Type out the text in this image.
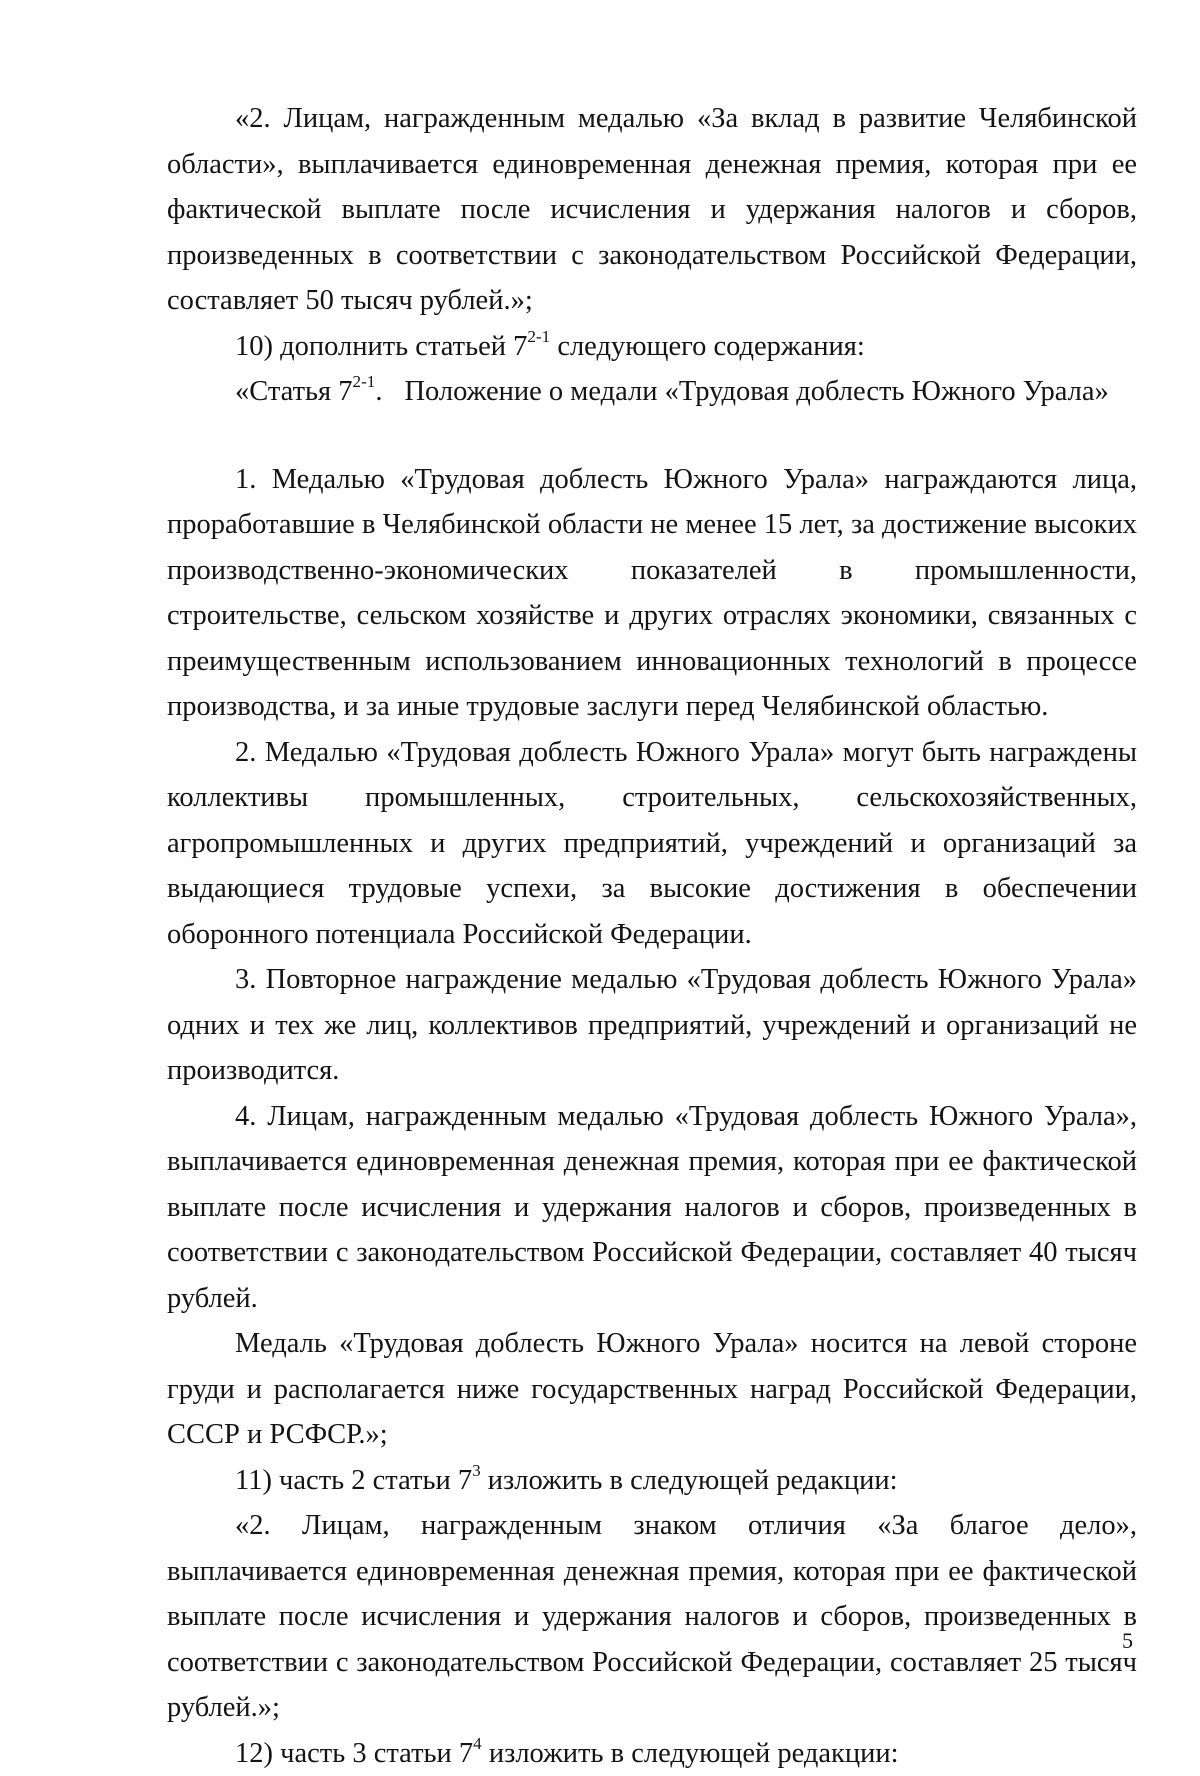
«2. Лицам, награжденным медалью «За вклад в развитие Челябинской области», выплачивается единовременная денежная премия, которая при ее фактической выплате после исчисления и удержания налогов и сборов, произведенных в соответствии с законодательством Российской Федерации, составляет 50 тысяч рублей.»;

10) дополнить статьей 7$^{2-1}$ следующего содержания:

«Статья 7$^{2-1}$. Положение о медали «Трудовая доблесть Южного Урала»

1. Медалью «Трудовая доблесть Южного Урала» награждаются лица, проработавшие в Челябинской области не менее 15 лет, за достижение высоких производственно-экономических показателей в промышленности, строительстве, сельском хозяйстве и других отраслях экономики, связанных с преимущественным использованием инновационных технологий в процессе производства, и за иные трудовые заслуги перед Челябинской областью.

2. Медалью «Трудовая доблесть Южного Урала» могут быть награждены коллективы промышленных, строительных, сельскохозяйственных, агропромышленных и других предприятий, учреждений и организаций за выдающиеся трудовые успехи, за высокие достижения в обеспечении оборонного потенциала Российской Федерации.

3. Повторное награждение медалью «Трудовая доблесть Южного Урала» одних и тех же лиц, коллективов предприятий, учреждений и организаций не производится.

4. Лицам, награжденным медалью «Трудовая доблесть Южного Урала», выплачивается единовременная денежная премия, которая при ее фактической выплате после исчисления и удержания налогов и сборов, произведенных в соответствии с законодательством Российской Федерации, составляет 40 тысяч рублей.

Медаль «Трудовая доблесть Южного Урала» носится на левой стороне груди и располагается ниже государственных наград Российской Федерации, СССР и РСФСР.»;

11) часть 2 статьи $7^3$ изложить в следующей редакции:

«2. Лицам, награжденным знаком отличия «За благое дело», выплачивается единовременная денежная премия, которая при ее фактической выплате после исчисления и удержания налогов и сборов, произведенных в соответствии с законодательством Российской Федерации, составляет 25 тысяч рублей.»;

12) часть 3 статьи $7^4$ изложить в следующей редакции:

5
